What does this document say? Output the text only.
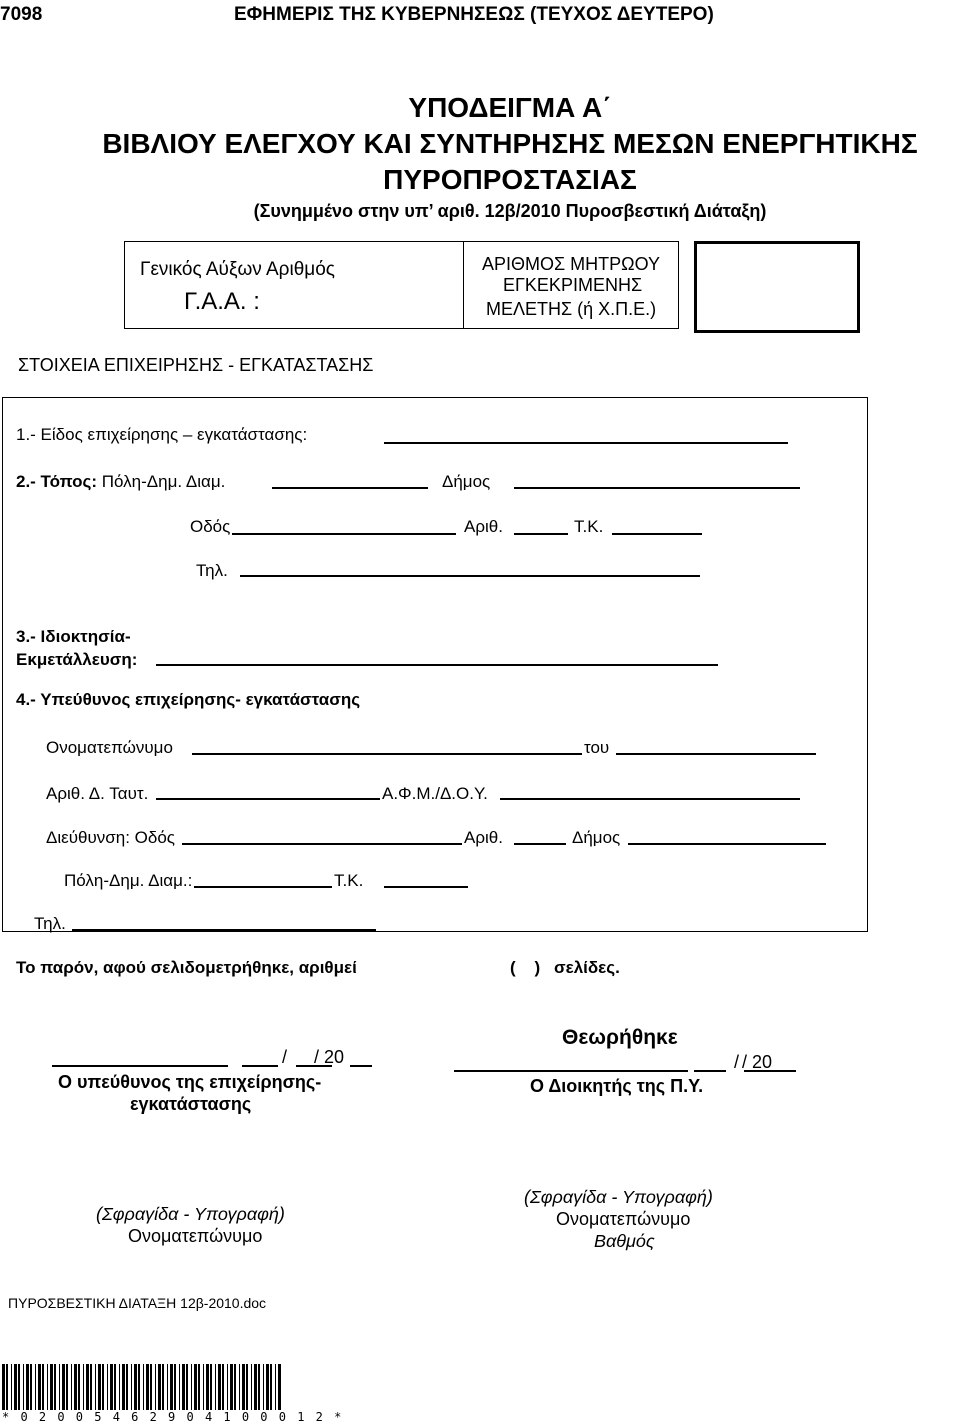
7098	ΕΦΗΜΕΡΙΣ ΤΗΣ ΚΥΒΕΡΝΗΣΕΩΣ (ΤΕΥΧΟΣ ΔΕΥΤΕΡΟ)
ΥΠΟΔΕΙΓΜΑ Α΄
ΒΙΒΛΙΟΥ ΕΛΕΓΧΟΥ ΚΑΙ ΣΥΝΤΗΡΗΣΗΣ ΜΕΣΩΝ ΕΝΕΡΓΗΤΙΚΗΣ
ΠΥΡΟΠΡΟΣΤΑΣΙΑΣ
(Συνημμένο στην υπ’ αριθ. 12β/2010 Πυροσβεστική Διάταξη)
Γενικός Αύξων Αριθμός
Γ.Α.Α. :
ΑΡΙΘΜΟΣ ΜΗΤΡΩΟΥ
ΕΓΚΕΚΡΙΜΕΝΗΣ
ΜΕΛΕΤΗΣ (ή Χ.Π.Ε.)
ΣΤΟΙΧΕΙΑ ΕΠΙΧΕΙΡΗΣΗΣ - ΕΓΚΑΤΑΣΤΑΣΗΣ
1.- Είδος επιχείρησης – εγκατάστασης:
2.- Τόπος: Πόλη-Δημ. Διαμ.	Δήμος
Οδός	Αριθ.	Τ.Κ.
Τηλ.
3.- Ιδιοκτησία-
Εκμετάλλευση:
4.- Υπεύθυνος επιχείρησης- εγκατάστασης
Ονοματεπώνυμο	του
Αριθ. Δ. Ταυτ.	Α.Φ.Μ./Δ.Ο.Υ.
Διεύθυνση: Οδός	Αριθ.	Δήμος
Πόλη-Δημ. Διαμ.:	Τ.Κ.
Τηλ.
Το παρόν, αφού σελιδομετρήθηκε, αριθμεί	(    ) σελίδες.
/ / 20
Ο υπεύθυνος της επιχείρησης-
εγκατάστασης
Θεωρήθηκε
/ / 20
Ο Διοικητής της Π.Υ.
(Σφραγίδα - Υπογραφή)
Ονοματεπώνυμο
(Σφραγίδα - Υπογραφή)
Ονοματεπώνυμο
Βαθμός
ΠΥΡΟΣΒΕΣΤΙΚΗ ΔΙΑΤΑΞΗ 12β-2010.doc
* 0 2 0 0 5 4 6 2 9 0 4 1 0 0 0 1 2 *
